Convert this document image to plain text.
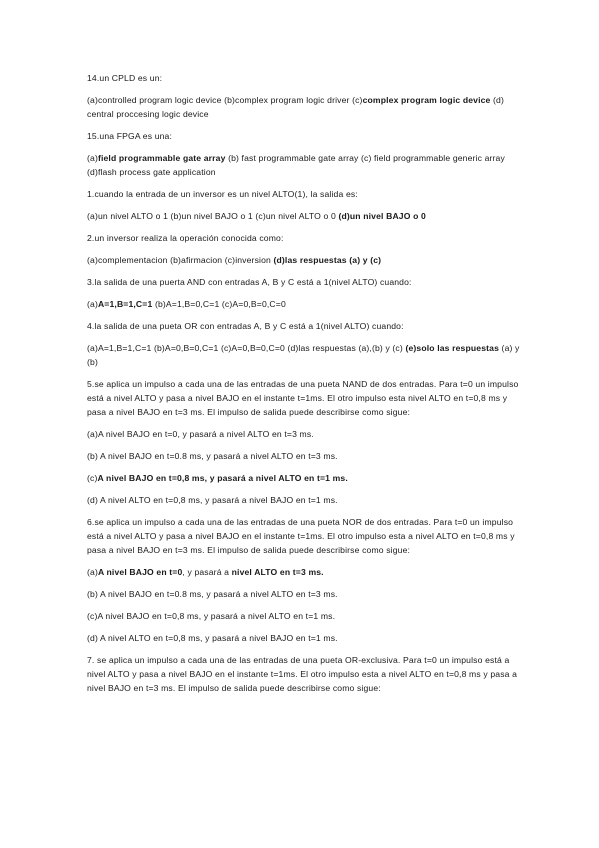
14.un CPLD es un:

(a)controlled program logic device (b)complex program logic driver (c)complex program logic device (d) central proccesing logic device

15.una FPGA es una:

(a)field programmable gate array (b) fast programmable gate array (c) field programmable generic array (d)flash process gate application

1.cuando la entrada de un inversor es un nivel ALTO(1), la salida es:

(a)un nivel ALTO o 1 (b)un nivel BAJO o 1 (c)un nivel ALTO o 0 (d)un nivel BAJO o 0

2.un inversor realiza la operación conocida como:

(a)complementacion (b)afirmacion (c)inversion (d)las respuestas (a) y (c)

3.la salida de una puerta AND con entradas A, B y C está a 1(nivel ALTO) cuando:

(a)A=1,B=1,C=1 (b)A=1,B=0,C=1 (c)A=0,B=0,C=0

4.la salida de una pueta OR con entradas A, B y C está a 1(nivel ALTO) cuando:

(a)A=1,B=1,C=1 (b)A=0,B=0,C=1 (c)A=0,B=0,C=0 (d)las respuestas (a),(b) y (c) (e)solo las respuestas (a) y (b)

5.se aplica un impulso a cada una de las entradas de una pueta NAND de dos entradas. Para t=0 un impulso está a nivel ALTO y pasa a nivel BAJO en el instante t=1ms. El otro impulso esta nivel ALTO en t=0,8 ms y pasa a nivel BAJO en t=3 ms. El impulso de salida puede describirse como sigue:

(a)A nivel BAJO en t=0, y pasará a nivel ALTO en t=3 ms.

(b) A nivel BAJO en t=0.8 ms, y pasará a nivel ALTO en t=3 ms.

(c)A nivel BAJO en t=0,8 ms, y pasará a nivel ALTO en t=1 ms.

(d) A nivel ALTO en t=0,8 ms, y pasará a nivel BAJO en t=1 ms.

6.se aplica un impulso a cada una de las entradas de una pueta NOR de dos entradas. Para t=0 un impulso está a nivel ALTO y pasa a nivel BAJO en el instante t=1ms. El otro impulso esta a nivel ALTO en t=0,8 ms y pasa a nivel BAJO en t=3 ms. El impulso de salida puede describirse como sigue:

(a)A nivel BAJO en t=0, y pasará a nivel ALTO en t=3 ms.

(b) A nivel BAJO en t=0.8 ms, y pasará a nivel ALTO en t=3 ms.

(c)A nivel BAJO en t=0,8 ms, y pasará a nivel ALTO en t=1 ms.

(d) A nivel ALTO en t=0,8 ms, y pasará a nivel BAJO en t=1 ms.

7. se aplica un impulso a cada una de las entradas de una pueta OR-exclusiva. Para t=0 un impulso está a nivel ALTO y pasa a nivel BAJO en el instante t=1ms. El otro impulso esta a nivel ALTO en t=0,8 ms y pasa a nivel BAJO en t=3 ms. El impulso de salida puede describirse como sigue:
